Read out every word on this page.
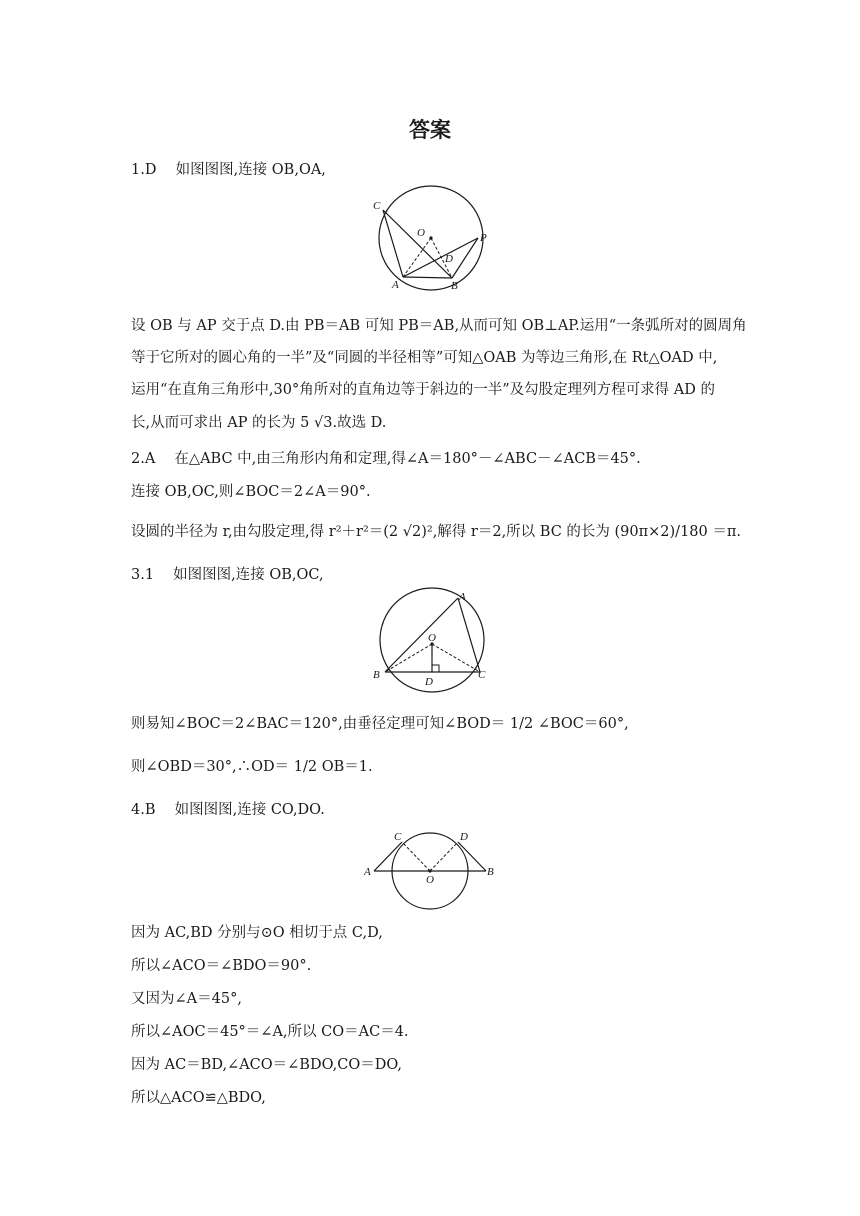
答案
1.D　 如图图图,连接 OB,OA,
C
O	P
D
A	B
设 OB 与 AP 交于点 D.由 PB＝AB 可知 PB＝AB,从而可知 OB⊥AP.运用“一条弧所对的圆周角
等于它所对的圆心角的一半”及“同圆的半径相等”可知△OAB 为等边三角形,在 Rt△OAD 中,
运用“在直角三角形中,30°角所对的直角边等于斜边的一半”及勾股定理列方程可求得 AD 的
长,从而可求出 AP 的长为 5 √3.故选 D.
2.A　 在△ABC 中,由三角形内角和定理,得∠A＝180°－∠ABC－∠ACB＝45°.
连接 OB,OC,则∠BOC＝2∠A＝90°.
设圆的半径为 r,由勾股定理,得 r²＋r²＝(2 √2)²,解得 r＝2,所以 BC 的长为 (90π×2)/180 ＝π.
3.1　 如图图图,连接 OB,OC,
A
O
B
D
C
则易知∠BOC＝2∠BAC＝120°,由垂径定理可知∠BOD＝ 1/2 ∠BOC＝60°,
则∠OBD＝30°,∴OD＝ 1/2 OB＝1.
4.B　 如图图图,连接 CO,DO.
C	D
A
O
B
因为 AC,BD 分别与⊙O 相切于点 C,D,
所以∠ACO＝∠BDO＝90°.
又因为∠A＝45°,
所以∠AOC＝45°＝∠A,所以 CO＝AC＝4.
因为 AC＝BD,∠ACO＝∠BDO,CO＝DO,
所以△ACO≌△BDO,
